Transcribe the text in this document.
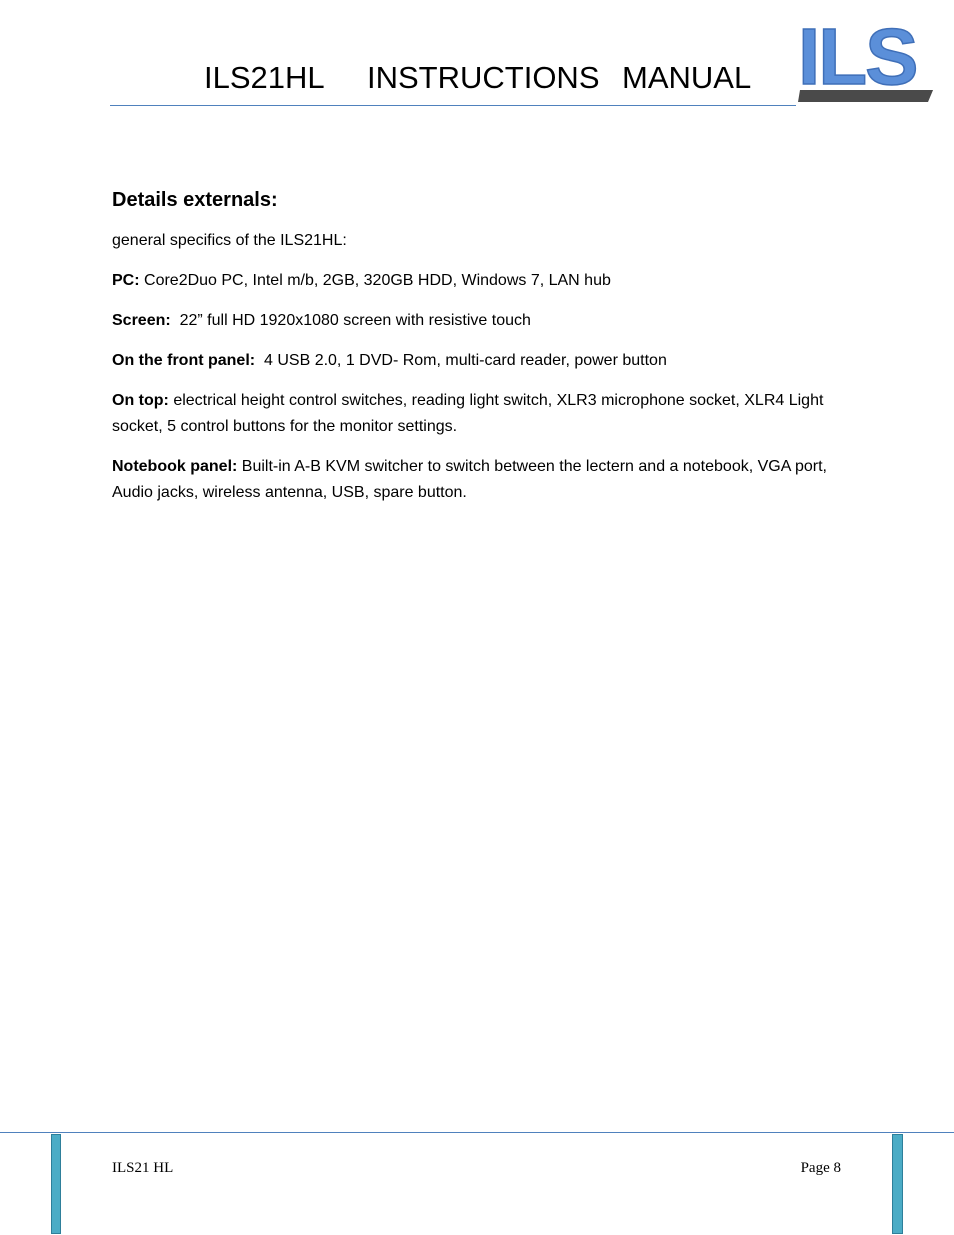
ILS21HL INSTRUCTIONS MANUAL ILS
Details externals:
general specifics of the ILS21HL:
PC: Core2Duo PC, Intel m/b, 2GB, 320GB HDD, Windows 7, LAN hub
Screen:  22” full HD 1920x1080 screen with resistive touch
On the front panel:  4 USB 2.0, 1 DVD- Rom, multi-card reader, power button
On top: electrical height control switches, reading light switch, XLR3 microphone socket, XLR4 Light socket, 5 control buttons for the monitor settings.
Notebook panel: Built-in A-B KVM switcher to switch between the lectern and a notebook, VGA port, Audio jacks, wireless antenna, USB, spare button.
ILS21 HL	Page 8
